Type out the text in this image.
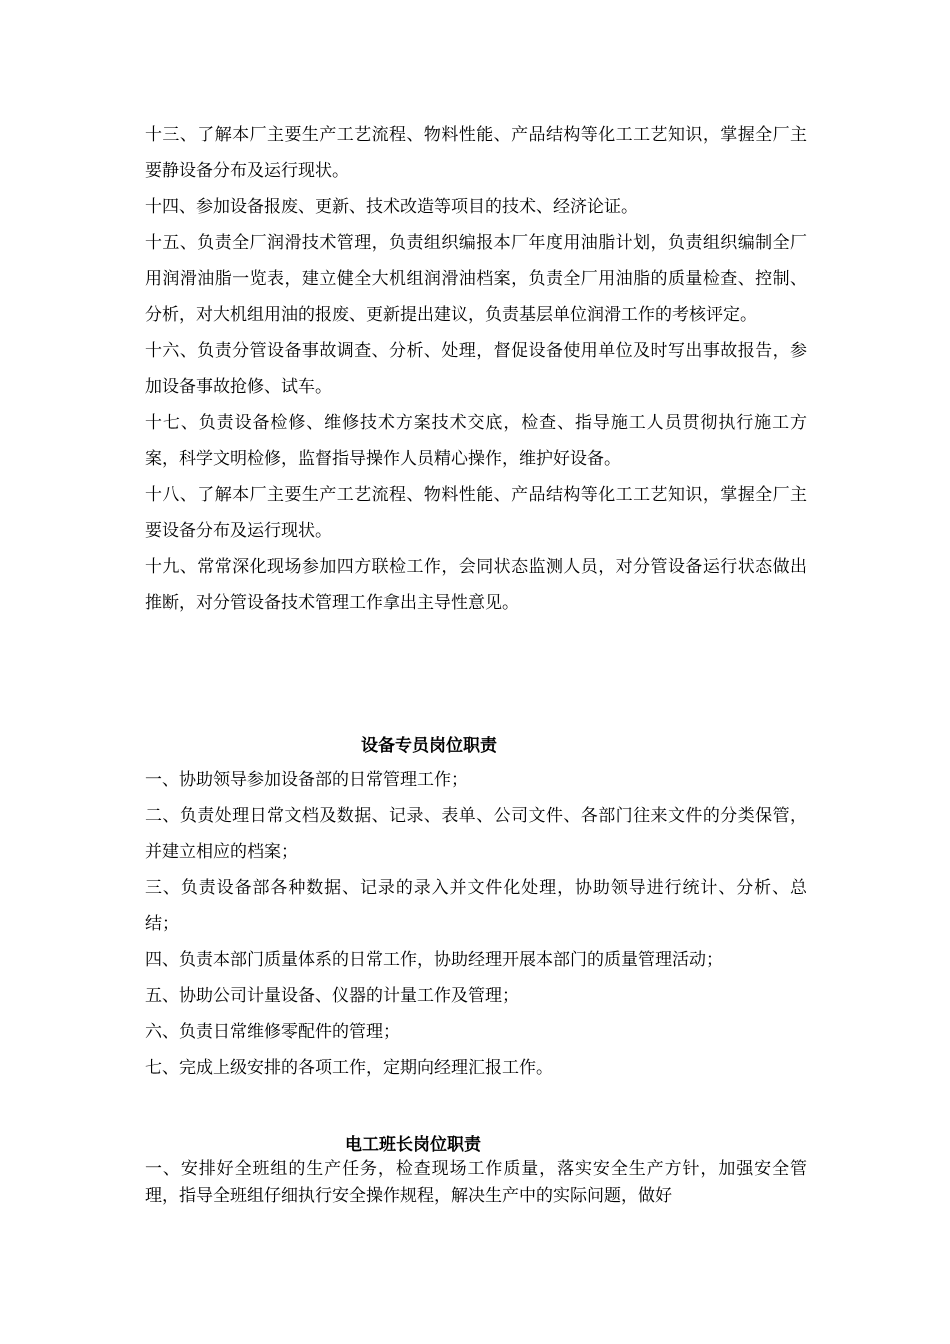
十三、了解本厂主要生产工艺流程、物料性能、产品结构等化工工艺知识，掌握全厂主要静设备分布及运行现状。

十四、参加设备报废、更新、技术改造等项目的技术、经济论证。

十五、负责全厂润滑技术管理，负责组织编报本厂年度用油脂计划，负责组织编制全厂用润滑油脂一览表，建立健全大机组润滑油档案，负责全厂用油脂的质量检查、控制、分析，对大机组用油的报废、更新提出建议，负责基层单位润滑工作的考核评定。

十六、负责分管设备事故调查、分析、处理，督促设备使用单位及时写出事故报告，参加设备事故抢修、试车。

十七、负责设备检修、维修技术方案技术交底，检查、指导施工人员贯彻执行施工方案，科学文明检修，监督指导操作人员精心操作，维护好设备。

十八、了解本厂主要生产工艺流程、物料性能、产品结构等化工工艺知识，掌握全厂主要设备分布及运行现状。

十九、常常深化现场参加四方联检工作，会同状态监测人员，对分管设备运行状态做出推断，对分管设备技术管理工作拿出主导性意见。

设备专员岗位职责

一、协助领导参加设备部的日常管理工作；

二、负责处理日常文档及数据、记录、表单、公司文件、各部门往来文件的分类保管，并建立相应的档案；

三、负责设备部各种数据、记录的录入并文件化处理，协助领导进行统计、分析、总结；

四、负责本部门质量体系的日常工作，协助经理开展本部门的质量管理活动；

五、协助公司计量设备、仪器的计量工作及管理；

六、负责日常维修零配件的管理；

七、完成上级安排的各项工作，定期向经理汇报工作。

电工班长岗位职责

一、安排好全班组的生产任务，检查现场工作质量，落实安全生产方针，加强安全管理，指导全班组仔细执行安全操作规程，解决生产中的实际问题，做好
